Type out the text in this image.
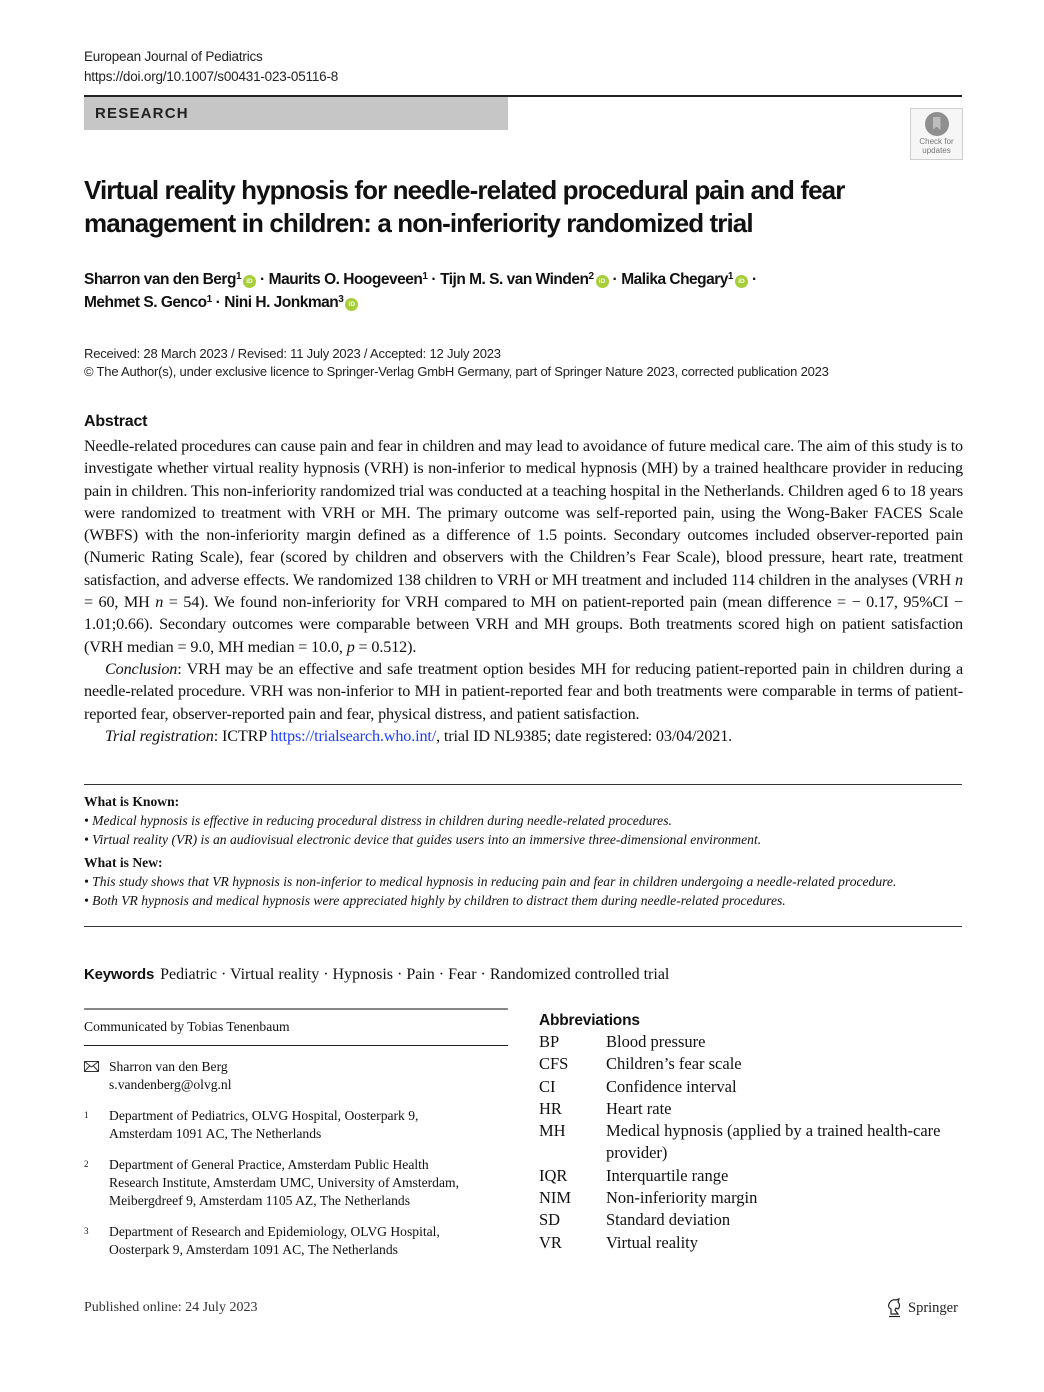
European Journal of Pediatrics
https://doi.org/10.1007/s00431-023-05116-8
RESEARCH
Check for
updates
Virtual reality hypnosis for needle-related procedural pain and fear management in children: a non-inferiority randomized trial
Sharron van den Berg$^1$ iD · Maurits O. Hoogeveen$^1$ · Tijn M. S. van Winden$^2$ iD · Malika Chegary$^1$ iD ·
Mehmet S. Genco$^1$ · Nini H. Jonkman$^3$ iD
Received: 28 March 2023 / Revised: 11 July 2023 / Accepted: 12 July 2023
© The Author(s), under exclusive licence to Springer-Verlag GmbH Germany, part of Springer Nature 2023, corrected publication 2023
Abstract

Needle-related procedures can cause pain and fear in children and may lead to avoidance of future medical care. The aim of this study is to investigate whether virtual reality hypnosis (VRH) is non-inferior to medical hypnosis (MH) by a trained healthcare provider in reducing pain in children. This non-inferiority randomized trial was conducted at a teaching hospital in the Netherlands. Children aged 6 to 18 years were randomized to treatment with VRH or MH. The primary outcome was self-reported pain, using the Wong-Baker FACES Scale (WBFS) with the non-inferiority margin defined as a difference of 1.5 points. Secondary outcomes included observer-reported pain (Numeric Rating Scale), fear (scored by children and observers with the Children’s Fear Scale), blood pressure, heart rate, treatment satisfaction, and adverse effects. We randomized 138 children to VRH or MH treatment and included 114 children in the analyses (VRH n = 60, MH n = 54). We found non-inferiority for VRH compared to MH on patient-reported pain (mean difference = − 0.17, 95%CI − 1.01;0.66). Secondary outcomes were comparable between VRH and MH groups. Both treatments scored high on patient satisfaction (VRH median = 9.0, MH median = 10.0, p = 0.512).

Conclusion: VRH may be an effective and safe treatment option besides MH for reducing patient-reported pain in children during a needle-related procedure. VRH was non-inferior to MH in patient-reported fear and both treatments were comparable in terms of patient-reported fear, observer-reported pain and fear, physical distress, and patient satisfaction.

Trial registration: ICTRP https://trialsearch.who.int/, trial ID NL9385; date registered: 03/04/2021.

What is Known:
• Medical hypnosis is effective in reducing procedural distress in children during needle-related procedures.
• Virtual reality (VR) is an audiovisual electronic device that guides users into an immersive three-dimensional environment.
What is New:
• This study shows that VR hypnosis is non-inferior to medical hypnosis in reducing pain and fear in children undergoing a needle-related procedure.
• Both VR hypnosis and medical hypnosis were appreciated highly by children to distract them during needle-related procedures.
Keywords Pediatric · Virtual reality · Hypnosis · Pain · Fear · Randomized controlled trial
Communicated by Tobias Tenenbaum
Sharron van den Berg
s.vandenberg@olvg.nl
1 Department of Pediatrics, OLVG Hospital, Oosterpark 9, Amsterdam 1091 AC, The Netherlands
2 Department of General Practice, Amsterdam Public Health Research Institute, Amsterdam UMC, University of Amsterdam, Meibergdreef 9, Amsterdam 1105 AZ, The Netherlands
3 Department of Research and Epidemiology, OLVG Hospital, Oosterpark 9, Amsterdam 1091 AC, The Netherlands
Abbreviations
BP	Blood pressure
CFS	Children’s fear scale
CI	Confidence interval
HR	Heart rate
MH	Medical hypnosis (applied by a trained health-care provider)
IQR	Interquartile range
NIM	Non-inferiority margin
SD	Standard deviation
VR	Virtual reality
Published online: 24 July 2023	Springer
